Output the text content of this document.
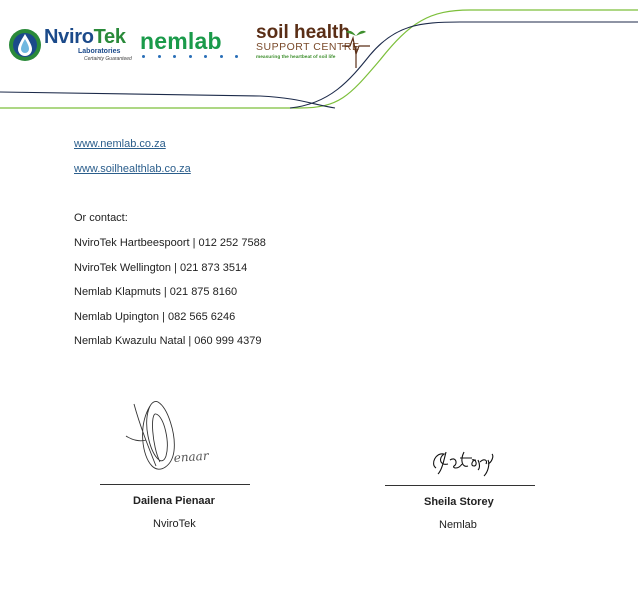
NviroTek
Laboratories
Certainty Guaranteed
nemlab	soil health
SUPPORT CENTRE
measuring the heartbeat of soil life
www.nemlab.co.za
www.soilhealthlab.co.za
Or contact:
NviroTek Hartbeespoort | 012 252 7588
NviroTek Wellington | 021 873 3514
Nemlab Klapmuts | 021 875 8160
Nemlab Upington | 082 565 6246
Nemlab Kwazulu Natal | 060 999 4379
enaar
Dailena Pienaar
NviroTek
Sheila Storey
Nemlab
